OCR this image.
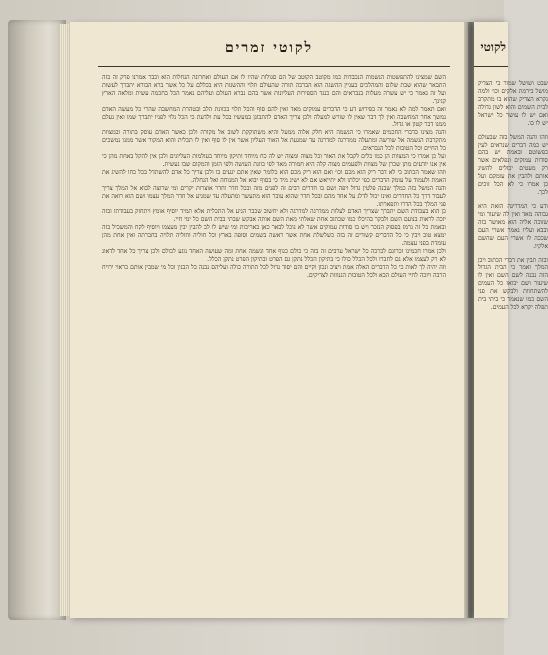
לקוטי זמרים

השם שמצינו להתפשטות הנשמות הנכבדות כמו מקוטב הקוטב של הם סגולות שהיו לו אם העולם ואחרונה הנחלות הוא וכבר אמרנו פרק זה בזה התבאר שהוא שבת שלום והמהלכים בעניין ההשגה הוא הברכה תורה שהעולם תלוי וההשגות היא בכללם על כל אשר ברא הבורא יתברך לעשות ועל זה נאמר כי יש עשרה מעלות בנבראים והם כנגד הספירות העליונות אשר בהם נברא העולם ועליהם נאמר הכל בחכמה עשית ומלאה הארץ קנינך.

ואם תאמר למה לא נאמר זה בפירוש דע כי הדברים עמוקים מאד ואין להם סוף והכל תלוי בכוונת הלב ובטהרת המחשבה שהרי כל מעשה האדם נמשך אחר המחשבה ואין לך דבר שאין לו שורש למעלה ולכן צריך האדם להתבונן במעשיו בכל עת ולדעת כי הכל גלוי לפניו יתברך שמו ואין נעלם ממנו דבר קטון או גדול.

והנה מצינו בדברי החכמים שאמרו כי הנשמה היא חלק אלוה ממעל והיא משתוקקת לשוב אל מקורה ולכן כאשר האדם עוסק בתורה ובמצוות מתקרבת הנשמה אל שורשה ומתעלה ממדרגה למדרגה עד שמגעת אל האור העליון אשר אין לו סוף ואין לו תכלית והוא המקור אשר ממנו נמשכים כל החיים וכל הטובות לכל הנבראים.

ועל כן אמרו כי המצוות הן כמו כלים לקבל את האור וכל מצוה ומצוה יש לה כח מיוחד ותיקון מיוחד בעולמות העליונים ולכן אין להקל באחת מהן כי אין אנו יודעים מתן שכרן של מצוות ולפעמים מצוה קלה היא חמורה מאד לפי כוונת העושה ולפי הזמן והמקום שבו נעשית.

וזהו שאמר הכתוב כי לא דבר ריק הוא מכם וכו׳ ואם הוא ריק מכם הוא כלומר שאין אתם יגעים בו ולכן צריך כל אדם להשתדל בכל כחו להשיג את האמת ולעמוד על עומק הדברים כפי יכלתו ולא יתייאש אם לא ישיג מיד כי בסוף יבוא אל המנוחה ואל הנחלה.

והנה המשל בזה כמלך שבנה פלטין גדול ויפה ושם בו חדרים רבים זה לפנים מזה ובכל חדר וחדר אוצרות יקרים ומי שרוצה לבוא אל המלך צריך לעבור דרך כל החדרים ואינו יכול לדלג על אחד מהם ובכל חדר שהוא עובר הוא מתעשר ומתעלה עד שמגיע אל חדר המלך עצמו ושם הוא רואה את פני המלך בכל הדרו ותפארתו.

כן הוא בעבודת השם יתברך שצריך האדם לעלות ממדרגה למדרגה ולא יחשוב שכבר הגיע אל התכלית אלא תמיד יוסיף אומץ ויתחזק בעבודתו ובזה יזכה לראות בנועם השם ולבקר בהיכלו כמו שכתוב אחת שאלתי מאת השם אותה אבקש שבתי בבית השם כל ימי חיי.

ובאמת כל זה נרמז בפסוק הנזכר ויש בו סודות עמוקים אשר לא נוכל לבאר כאן באריכות ומי שיש לו לב להבין יבין מעצמו ויוסיף לקח והמשכיל בזה ימצא טוב ויבין כי כל הדברים קשורים זה בזה כשלשלת אחת אשר ראשה בשמים וסופה בארץ וכל חוליה וחוליה תלויה בחברתה ואין אחת מהן עומדת בפני עצמה.

ולכן אמרו חכמינו זכרונם לברכה כל ישראל ערבים זה בזה כי כולם כגוף אחד ונשמה אחת ומה שעושה האחד נוגע לכולם ולכן צריך כל אחד לדאוג לא רק לעצמו אלא גם לחברו ולכל הכלל כולו כי בתיקון הכלל נתקן גם הפרט ובתיקון הפרט נתקן הכלל.

וזה יהיה לך לאות כי כל הדברים האלה אמת ויציב ונכון וקיים והם יסוד גדול לכל התורה כולה ועליהם נבנה כל הבנין וכל מי שמבין אותם כראוי ירויח הרבה ויזכה לחיי העולם הבא ולכל הטובות הגנוזות לצדיקים.

לקוטי

שבט ושושל שמור בי הצדיק מושל בירמת אלקים וכו׳ ולמה נקרא הצדיק שהוא בו מתקרב לבית השמים והוא לשון גדולה ואם יש לו עושר כל ישראל יש לו בו.

וזהו והנה המשל בזה שבעולם יש כמה דברים שנראים לעין כפשוטם ובאמת יש בהם סודות עמוקים ונפלאים אשר רק מעטים יכולים להשיג אותם ולהבין את עומקם ועל כן אמרו כי לא הכל זוכים לכך.

ודע כי המדריגה הזאת היא גבוהה מאד ואין לה שיעור ומי שזוכה אליה הוא מאושר בזה ובבא ועליו נאמר אשרי העם שככה לו אשרי העם שהשם אלקיו.

ובזה תבין את דברי הכתוב ויבן המלך ואמר כי הבית הגדול הזה נבנה לשם השם ואין לו שיעור ושם יבואו כל העמים להשתחוות ולבקש את פני השם כמו שנאמר כי ביתי בית תפלה יקרא לכל העמים.
